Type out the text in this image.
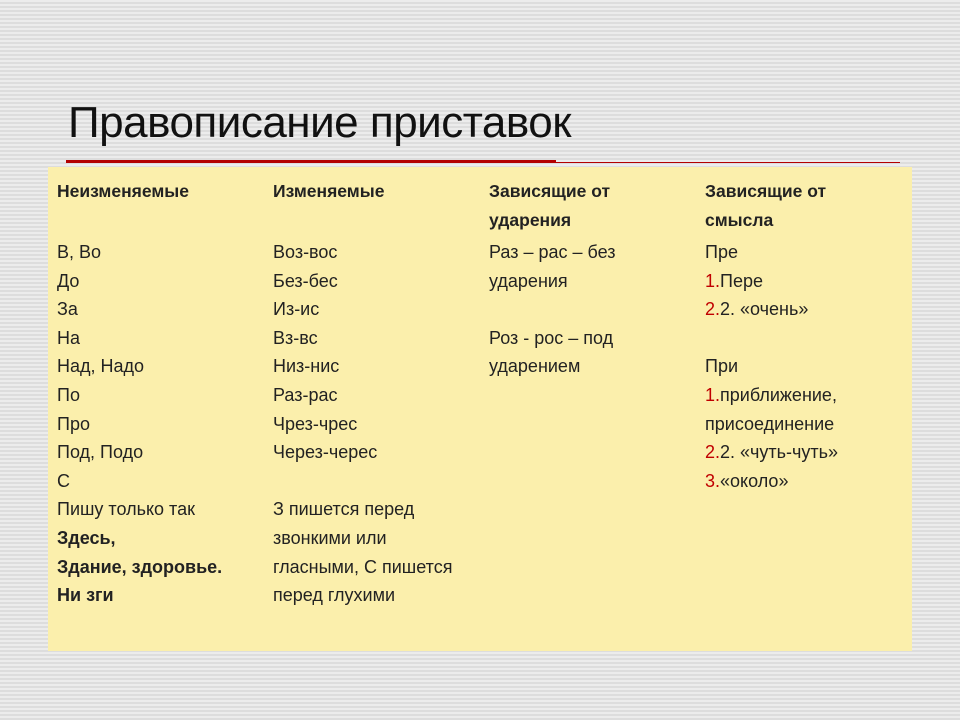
Правописание приставок
Неизменяемые
В, Во
До
За
На
Над, Надо
По
Про
Под, Подо
С
Пишу только так
Здесь,
Здание, здоровье.
Ни зги
Изменяемые
Воз-вос
Без-бес
Из-ис
Вз-вс
Низ-нис
Раз-рас
Чрез-чрес
Через-черес
З пишется перед
звонкими или
гласными, С пишется
перед глухими
Зависящие от ударения
Раз – рас – без
ударения
Роз - рос – под
ударением
Зависящие от смысла
Пре
1.Пере
2.2. «очень»
При
1.приближение,
присоединение
2.2. «чуть-чуть»
3.«около»
